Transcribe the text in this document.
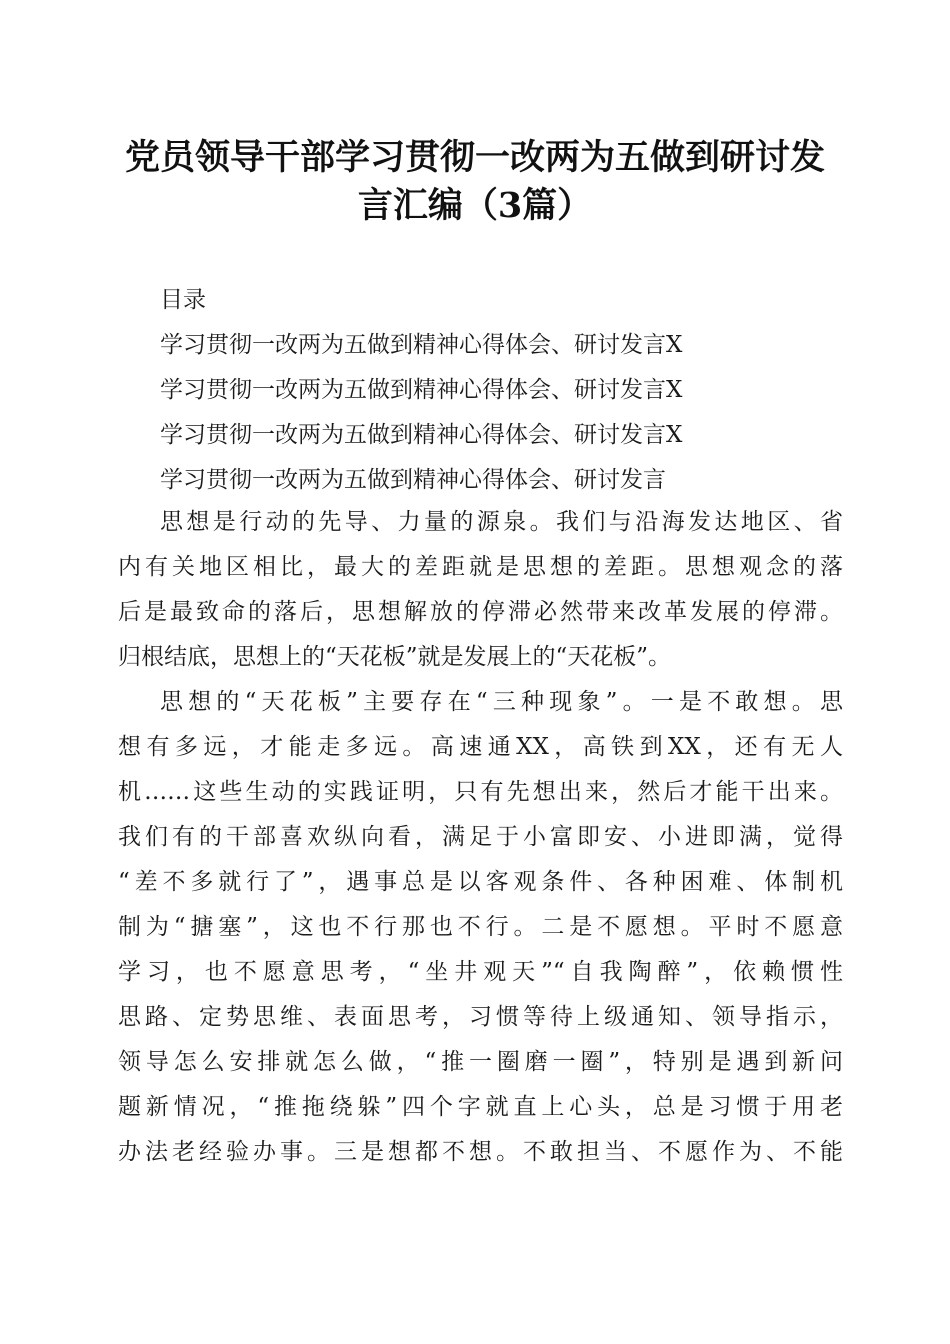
党员领导干部学习贯彻一改两为五做到研讨发
言汇编（3篇）
目录
学习贯彻一改两为五做到精神心得体会、研讨发言X
学习贯彻一改两为五做到精神心得体会、研讨发言X
学习贯彻一改两为五做到精神心得体会、研讨发言X
学习贯彻一改两为五做到精神心得体会、研讨发言
思想是行动的先导、力量的源泉。我们与沿海发达地区、省
内有关地区相比，最大的差距就是思想的差距。思想观念的落
后是最致命的落后，思想解放的停滞必然带来改革发展的停滞。
归根结底，思想上的“天花板”就是发展上的“天花板”。
思想的“天花板”主要存在“三种现象”。一是不敢想。思
想有多远，才能走多远。高速通XX，高铁到XX，还有无人
机……这些生动的实践证明，只有先想出来，然后才能干出来。
我们有的干部喜欢纵向看，满足于小富即安、小进即满，觉得
“差不多就行了”，遇事总是以客观条件、各种困难、体制机
制为“搪塞”，这也不行那也不行。二是不愿想。平时不愿意
学习，也不愿意思考，“坐井观天”“自我陶醉”，依赖惯性
思路、定势思维、表面思考，习惯等待上级通知、领导指示，
领导怎么安排就怎么做，“推一圈磨一圈”，特别是遇到新问
题新情况，“推拖绕躲”四个字就直上心头，总是习惯于用老
办法老经验办事。三是想都不想。不敢担当、不愿作为、不能
